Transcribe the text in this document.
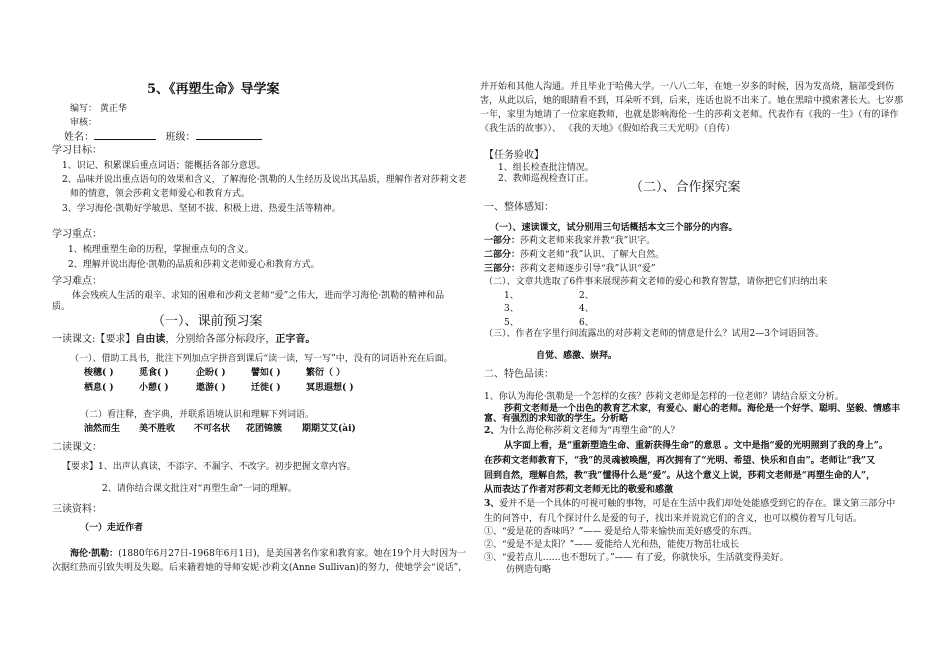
5、《再塑生命》导学案
编写： 黄正华
审核：
姓名：	班级：
学习目标：
1、识记、积累课后重点词语；能概括各部分意思。
2、品味并说出重点语句的效果和含义，了解海伦·凯勒的人生经历及说出其品质，理解作者对莎莉文老
师的情意，领会莎莉文老师爱心和教育方式。
3、学习海伦·凯勒好学敏思、坚韧不拔、积极上进、热爱生活等精神。
学习重点：
1、梳理重塑生命的历程，掌握重点句的含义。
2、理解并说出海伦·凯勒的品质和莎莉文老师爱心和教育方式。
学习难点：
体会残疾人生活的艰辛、求知的困难和沙莉文老师“爱”之伟大，进而学习海伦·凯勒的精神和品
质。
（一）、课前预习案
一读课文:【要求】自由读，分别给各部分标段序，正字音。
（一）、借助工具书，批注下列加点字拼音到课后“读一读，写一写”中，没有的词语补充在后面。
梭穗( )	觅食( )	企盼( )	譬如( )	繁衍（ ）
栖息( )	小憩( )	遨游( )	迁徙( )	冥思遐想( )
（二）看注释，查字典，并联系语境认识和理解下列词语。
油然而生 美不胜收 不可名状 花团锦簇 期期艾艾(ài)
二读课文：
【要求】1、出声认真读，不添字、不漏字、不改字。初步把握文章内容。
2、请你结合课文批注对“再塑生命”一词的理解。
三读资料：
（一）走近作者
海伦·凯勒：(1880年6月27日-1968年6月1日)，是美国著名作家和教育家。她在19个月大时因为一
次据红热而引致失明及失聪。后来籍着她的导师安妮·沙莉文(Anne Sullivan)的努力，使她学会“说话”，
并开始和其他人沟通。并且毕业于哈佛大学。一八八二年，在她一岁多的时候，因为发高烧，脑部受到伤
害，从此以后，她的眼睛看不到，耳朵听不到，后来，连话也说不出来了。她在黑暗中摸索著长大。七岁那
一年，家里为她请了一位家庭教师，也就是影响海伦一生的莎莉文老师。代表作有《我的一生》（有的译作
《我生活的故事》）、 《我的天地》《假如给我三天光明》（自传）
【任务验收】
1、组长检查批注情况。
2、教师巡视检查订正。
（二）、合作探究案
一、整体感知：
（一）、速读课文，试分别用三句话概括本文三个部分的内容。
一部分：莎莉文老师来我家并教“我”识字。
二部分：莎莉文老师“我”认识、了解大自然。
三部分：莎莉文老师逐步引导“我”认识“爱”
（二）、文章共选取了6件事来展现莎莉文老师的爱心和教育智慧，请你把它们归纳出来
1、	2、
3、	4、
5、	6、
（三）、作者在字里行间流露出的对莎莉文老师的情意是什么？试用2—3个词语回答。
自觉、感激、崇拜。
二、特色品读：
1、你认为海伦·凯勒是一个怎样的女孩？莎莉文老师是怎样的一位老师？请结合原文分析。
莎莉文老师是一个出色的教育艺术家，有爱心、耐心的老师。海伦是一个好学、聪明、坚毅、情感丰
富、有强烈的求知欲的学生。分析略
2、为什么海伦称莎莉文老师为“再塑生命”的人？
从字面上看，是“重新塑造生命、重新获得生命”的意思 。文中是指“爱的光明照到了我的身上”。
在莎莉文老师教育下，“我”的灵魂被唤醒，再次拥有了“光明、希望、快乐和自由”。老师让“我”又
回到自然，理解自然，教“我”懂得什么是“爱”。从这个意义上说，莎莉文老师是“再塑生命的人”，
从而表达了作者对莎莉文老师无比的敬爱和感激
3、爱并不是一个具体的可视可触的事物，可是在生活中我们却处处能感受到它的存在。课文第三部分中
生的问答中，有几个探讨什么是爱的句子，找出来并说说它们的含义，也可以模仿着写几句话。
①、“爱是花的香味吗？”—— 爱是给人带来愉快而美好感受的东西。
②、“爱是不是太阳？”—— 爱能给人光和热，能使万物茁壮成长
③、“爱若点儿……也不想玩了。”—— 有了爱，你就快乐，生活就变得美好。
仿例造句略
